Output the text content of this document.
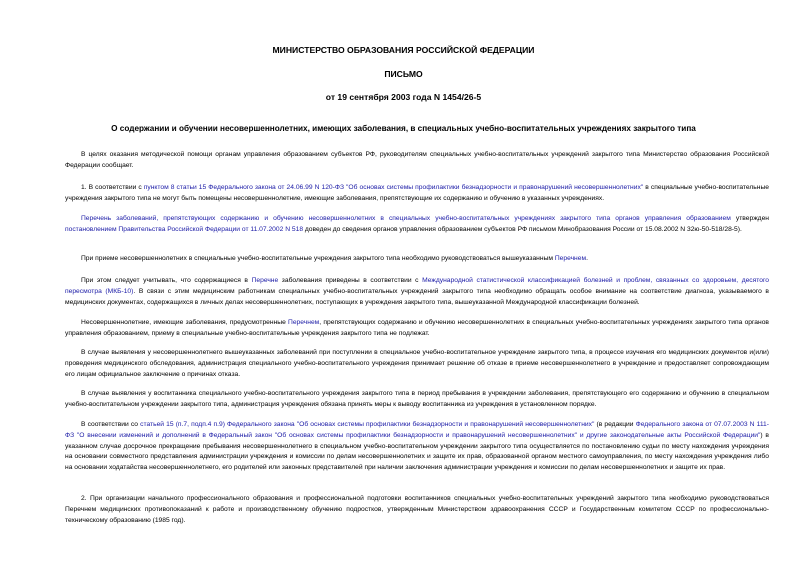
МИНИСТЕРСТВО ОБРАЗОВАНИЯ РОССИЙСКОЙ ФЕДЕРАЦИИ

ПИСЬМО

от 19 сентября 2003 года N 1454/26-5

О содержании и обучении несовершеннолетних, имеющих заболевания, в специальных учебно-воспитательных учреждениях закрытого типа

В целях оказания методической помощи органам управления образованием субъектов РФ, руководителям специальных учебно-воспитательных учреждений закрытого типа Министерство образования Российской Федерации сообщает.

1. В соответствии с пунктом 8 статьи 15 Федерального закона от 24.06.99 N 120-ФЗ "Об основах системы профилактики безнадзорности и правонарушений несовершеннолетних" в специальные учебно-воспитательные учреждения закрытого типа не могут быть помещены несовершеннолетние, имеющие заболевания, препятствующие их содержанию и обучению в указанных учреждениях.

Перечень заболеваний, препятствующих содержанию и обучению несовершеннолетних в специальных учебно-воспитательных учреждениях закрытого типа органов управления образованием утвержден постановлением Правительства Российской Федерации от 11.07.2002 N 518 доведен до сведения органов управления образованием субъектов РФ письмом Минобразования России от 15.08.2002 N 32ю-50-518/28-5).

При приеме несовершеннолетних в специальные учебно-воспитательные учреждения закрытого типа необходимо руководствоваться вышеуказанным Перечнем.

При этом следует учитывать, что содержащиеся в Перечне заболевания приведены в соответствии с Международной статистической классификацией болезней и проблем, связанных со здоровьем, десятого пересмотра (МКБ-10). В связи с этим медицинским работникам специальных учебно-воспитательных учреждений закрытого типа необходимо обращать особое внимание на соответствие диагноза, указываемого в медицинских документах, содержащихся в личных делах несовершеннолетних, поступающих в учреждения закрытого типа, вышеуказанной Международной классификации болезней.

Несовершеннолетние, имеющие заболевания, предусмотренные Перечнем, препятствующих содержанию и обучению несовершеннолетних в специальных учебно-воспитательных учреждениях закрытого типа органов управления образованием, приему в специальные учебно-воспитательные учреждения закрытого типа не подлежат.

В случае выявления у несовершеннолетнего вышеуказанных заболеваний при поступлении в специальное учебно-воспитательное учреждение закрытого типа, в процессе изучения его медицинских документов и(или) проведения медицинского обследования, администрация специального учебно-воспитательного учреждения принимает решение об отказе в приеме несовершеннолетнего в учреждение и предоставляет сопровождающим его лицам официальное заключение о причинах отказа.

В случае выявления у воспитанника специального учебно-воспитательного учреждения закрытого типа в период пребывания в учреждении заболевания, препятствующего его содержанию и обучению в специальном учебно-воспитательном учреждении закрытого типа, администрация учреждения обязана принять меры к выводу воспитанника из учреждения в установленном порядке.

В соответствии со статьей 15 (п.7, подп.4 п.9) Федерального закона "Об основах системы профилактики безнадзорности и правонарушений несовершеннолетних" (в редакции Федерального закона от 07.07.2003 N 111-ФЗ "О внесении изменений и дополнений в Федеральный закон "Об основах системы профилактики безнадзорности и правонарушений несовершеннолетних" и другие законодательные акты Российской Федерации") в указанном случае досрочное прекращение пребывания несовершеннолетнего в специальном учебно-воспитательном учреждении закрытого типа осуществляется по постановлению судьи по месту нахождения учреждения на основании совместного представления администрации учреждения и комиссии по делам несовершеннолетних и защите их прав, образованной органом местного самоуправления, по месту нахождения учреждения либо на основании ходатайства несовершеннолетнего, его родителей или законных представителей при наличии заключения администрации учреждения и комиссии по делам несовершеннолетних и защите их прав.

2. При организации начального профессионального образования и профессиональной подготовки воспитанников специальных учебно-воспитательных учреждений закрытого типа необходимо руководствоваться Перечнем медицинских противопоказаний к работе и производственному обучению подростков, утвержденным Министерством здравоохранения СССР и Государственным комитетом СССР по профессионально-техническому образованию (1985 год).
